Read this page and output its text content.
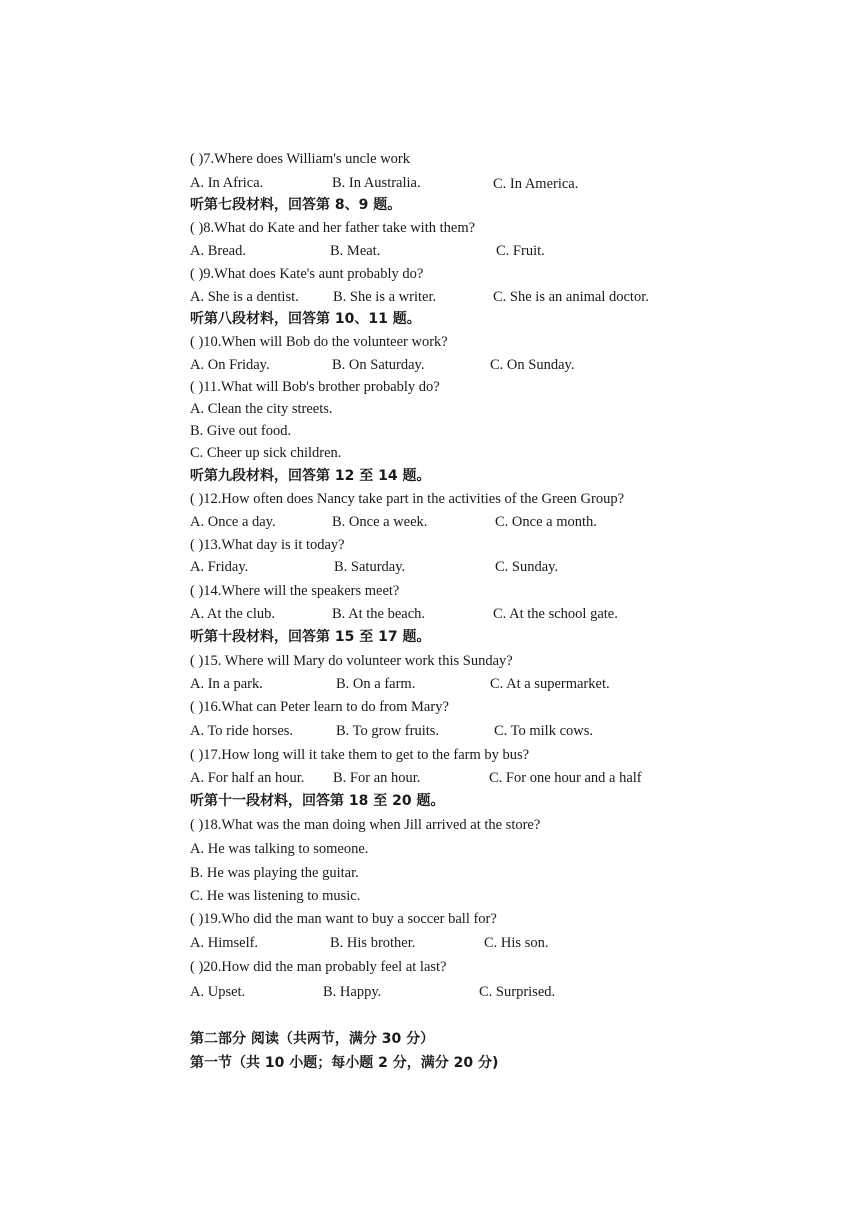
( )7.Where does William's uncle work
A. In Africa.	B. In Australia.	C. In America.
听第七段材料，回答第 8、9 题。
( )8.What do Kate and her father take with them?
A. Bread.	B. Meat.	C. Fruit.
( )9.What does Kate's aunt probably do?
A. She is a dentist. B. She is a writer.	C. She is an animal doctor.
听第八段材料，回答第 10、11 题。
( )10.When will Bob do the volunteer work?
A. On Friday.	B. On Saturday.	C. On Sunday.
( )11.What will Bob's brother probably do?
A. Clean the city streets.
B. Give out food.
C. Cheer up sick children.
听第九段材料，回答第 12 至 14 题。
( )12.How often does Nancy take part in the activities of the Green Group?
A. Once a day.	B. Once a week.	C. Once a month.
( )13.What day is it today?
A. Friday.	B. Saturday.	C. Sunday.
( )14.Where will the speakers meet?
A. At the club.	B. At the beach.	C. At the school gate.
听第十段材料，回答第 15 至 17 题。
( )15. Where will Mary do volunteer work this Sunday?
A. In a park.	B. On a farm.	C. At a supermarket.
( )16.What can Peter learn to do from Mary?
A. To ride horses.	B. To grow fruits.	C. To milk cows.
( )17.How long will it take them to get to the farm by bus?
A. For half an hour. B. For an hour.	C. For one hour and a half
听第十一段材料，回答第 18 至 20 题。
( )18.What was the man doing when Jill arrived at the store?
A. He was talking to someone.
B. He was playing the guitar.
C. He was listening to music.
( )19.Who did the man want to buy a soccer ball for?
A. Himself.	B. His brother.	C. His son.
( )20.How did the man probably feel at last?
A. Upset.	B. Happy.	C. Surprised.
第二部分 阅读（共两节，满分 30 分）
第一节（共 10 小题；每小题 2 分，满分 20 分)
